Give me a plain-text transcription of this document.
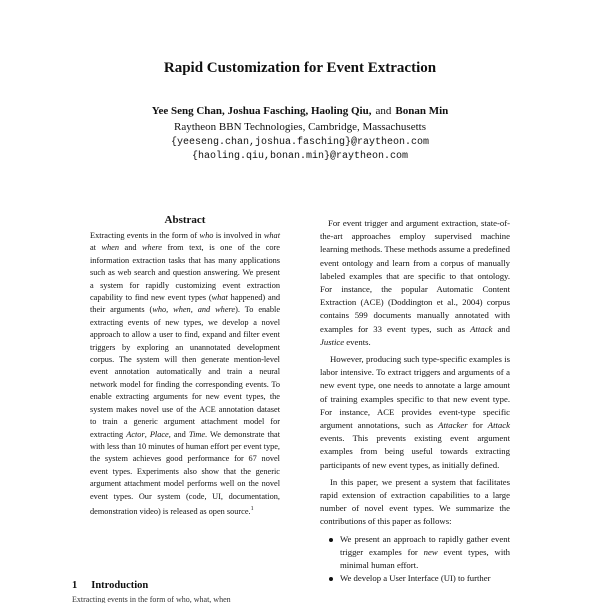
Rapid Customization for Event Extraction
Yee Seng Chan, Joshua Fasching, Haoling Qiu, and Bonan Min
Raytheon BBN Technologies, Cambridge, Massachusetts
{yeeseng.chan,joshua.fasching}@raytheon.com
{haoling.qiu,bonan.min}@raytheon.com
Abstract

Extracting events in the form of who is involved in what at when and where from text, is one of the core information extraction tasks that has many applications such as web search and question answering. We present a system for rapidly customizing event extraction capability to find new event types (what happened) and their arguments (who, when, and where). To enable extracting events of new types, we develop a novel approach to allow a user to find, expand and filter event triggers by exploring an unannotated development corpus. The system will then generate mention-level event annotation automatically and train a neural network model for finding the corresponding events. To enable extracting arguments for new event types, the system makes novel use of the ACE annotation dataset to train a generic argument attachment model for extracting Actor, Place, and Time. We demonstrate that with less than 10 minutes of human effort per event type, the system achieves good performance for 67 novel event types. Experiments also show that the generic argument attachment model performs well on the novel event types. Our system (code, UI, documentation, demonstration video) is released as open source.$^1$

1 Introduction
Extracting events in the form of who, what, when

For event trigger and argument extraction, state-of-the-art approaches employ supervised machine learning methods. These methods assume a predefined event ontology and learn from a corpus of manually labeled examples that are specific to that ontology. For instance, the popular Automatic Content Extraction (ACE) (Doddington et al., 2004) corpus contains 599 documents manually annotated with examples for 33 event types, such as Attack and Justice events.

However, producing such type-specific examples is labor intensive. To extract triggers and arguments of a new event type, one needs to annotate a large amount of training examples specific to that new event type. For instance, ACE provides event-type specific argument annotations, such as Attacker for Attack events. This prevents existing event argument examples from being useful towards extracting participants of new event types, as initially defined.

In this paper, we present a system that facilitates rapid extension of extraction capabilities to a large number of novel event types. We summarize the contributions of this paper as follows:

We present an approach to rapidly gather event trigger examples for new event types, with minimal human effort.
We develop a User Interface (UI) to further
